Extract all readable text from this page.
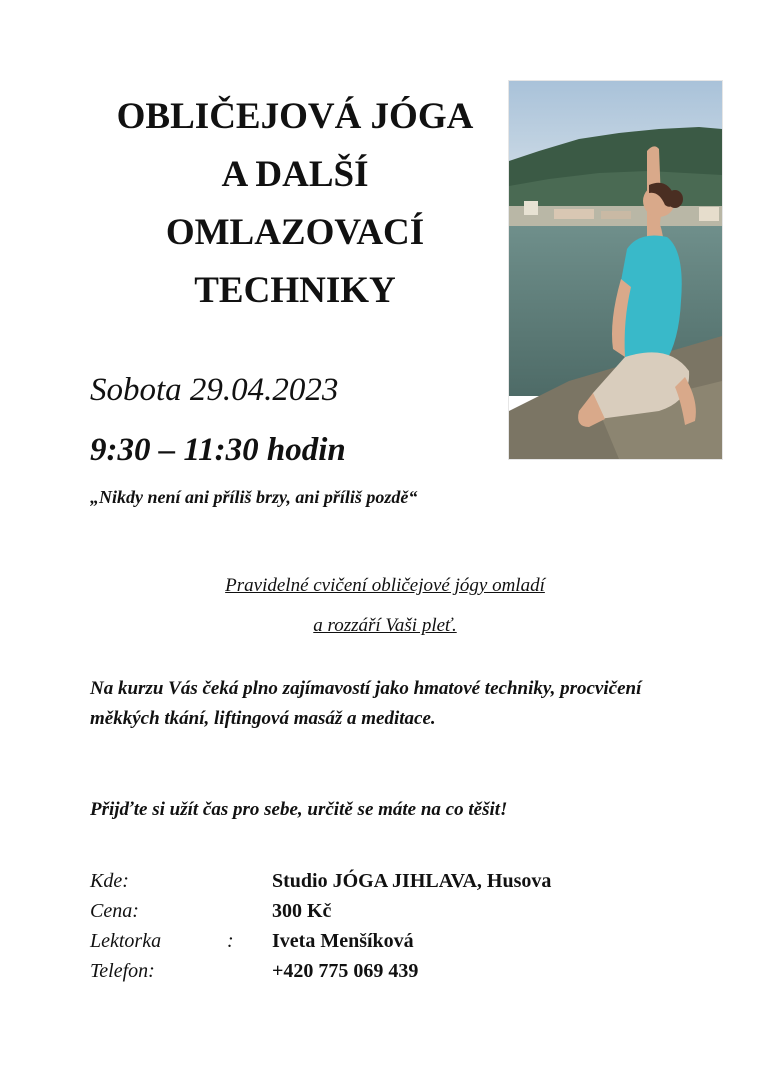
OBLIČEJOVÁ JÓGA
A DALŠÍ
OMLAZOVACÍ
TECHNIKY
Sobota 29.04.2023
9:30 – 11:30 hodin
„Nikdy není ani příliš brzy, ani příliš pozdě“
Pravidelné cvičení obličejové jógy omladí
a rozzáří Vaši pleť.

Na kurzu Vás čeká plno zajímavostí jako hmatové techniky, procvičení měkkých tkání, liftingová masáž a meditace.

Přijďte si užít čas pro sebe, určitě se máte na co těšit!

Kde:	Studio JÓGA JIHLAVA, Husova
Cena:	300 Kč
Lektorka	: Iveta Menšíková
Telefon:	+420 775 069 439
